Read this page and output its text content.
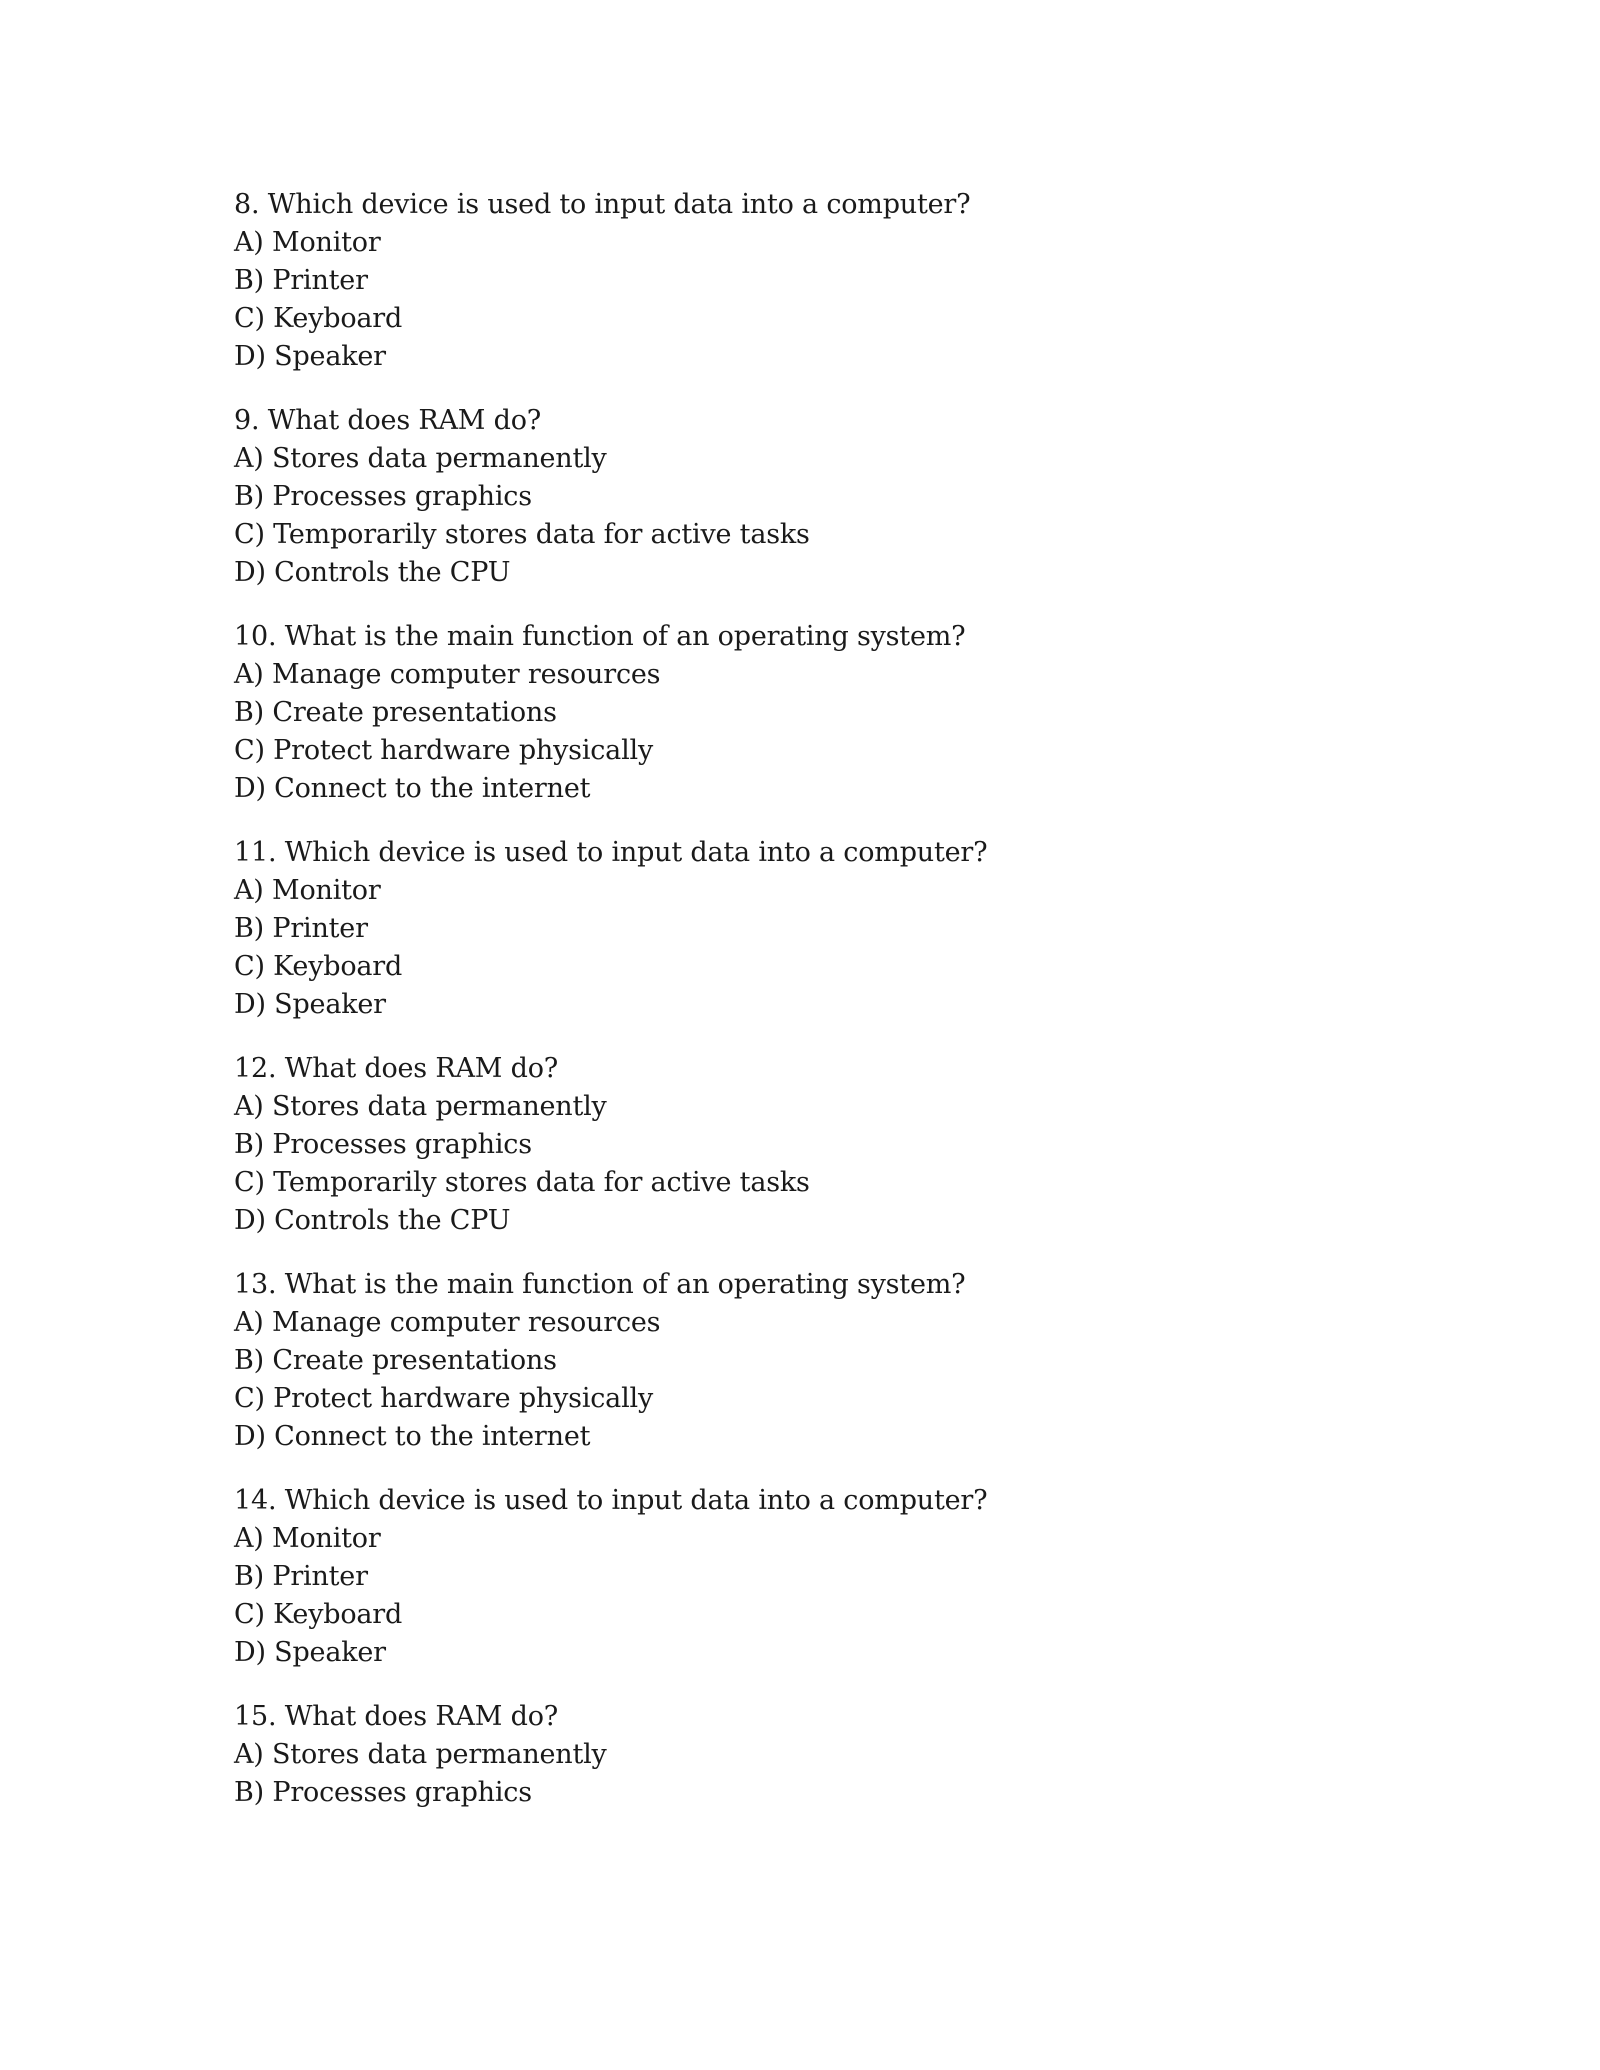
8. Which device is used to input data into a computer?
A) Monitor
B) Printer
C) Keyboard
D) Speaker
9. What does RAM do?
A) Stores data permanently
B) Processes graphics
C) Temporarily stores data for active tasks
D) Controls the CPU
10. What is the main function of an operating system?
A) Manage computer resources
B) Create presentations
C) Protect hardware physically
D) Connect to the internet
11. Which device is used to input data into a computer?
A) Monitor
B) Printer
C) Keyboard
D) Speaker
12. What does RAM do?
A) Stores data permanently
B) Processes graphics
C) Temporarily stores data for active tasks
D) Controls the CPU
13. What is the main function of an operating system?
A) Manage computer resources
B) Create presentations
C) Protect hardware physically
D) Connect to the internet
14. Which device is used to input data into a computer?
A) Monitor
B) Printer
C) Keyboard
D) Speaker
15. What does RAM do?
A) Stores data permanently
B) Processes graphics
